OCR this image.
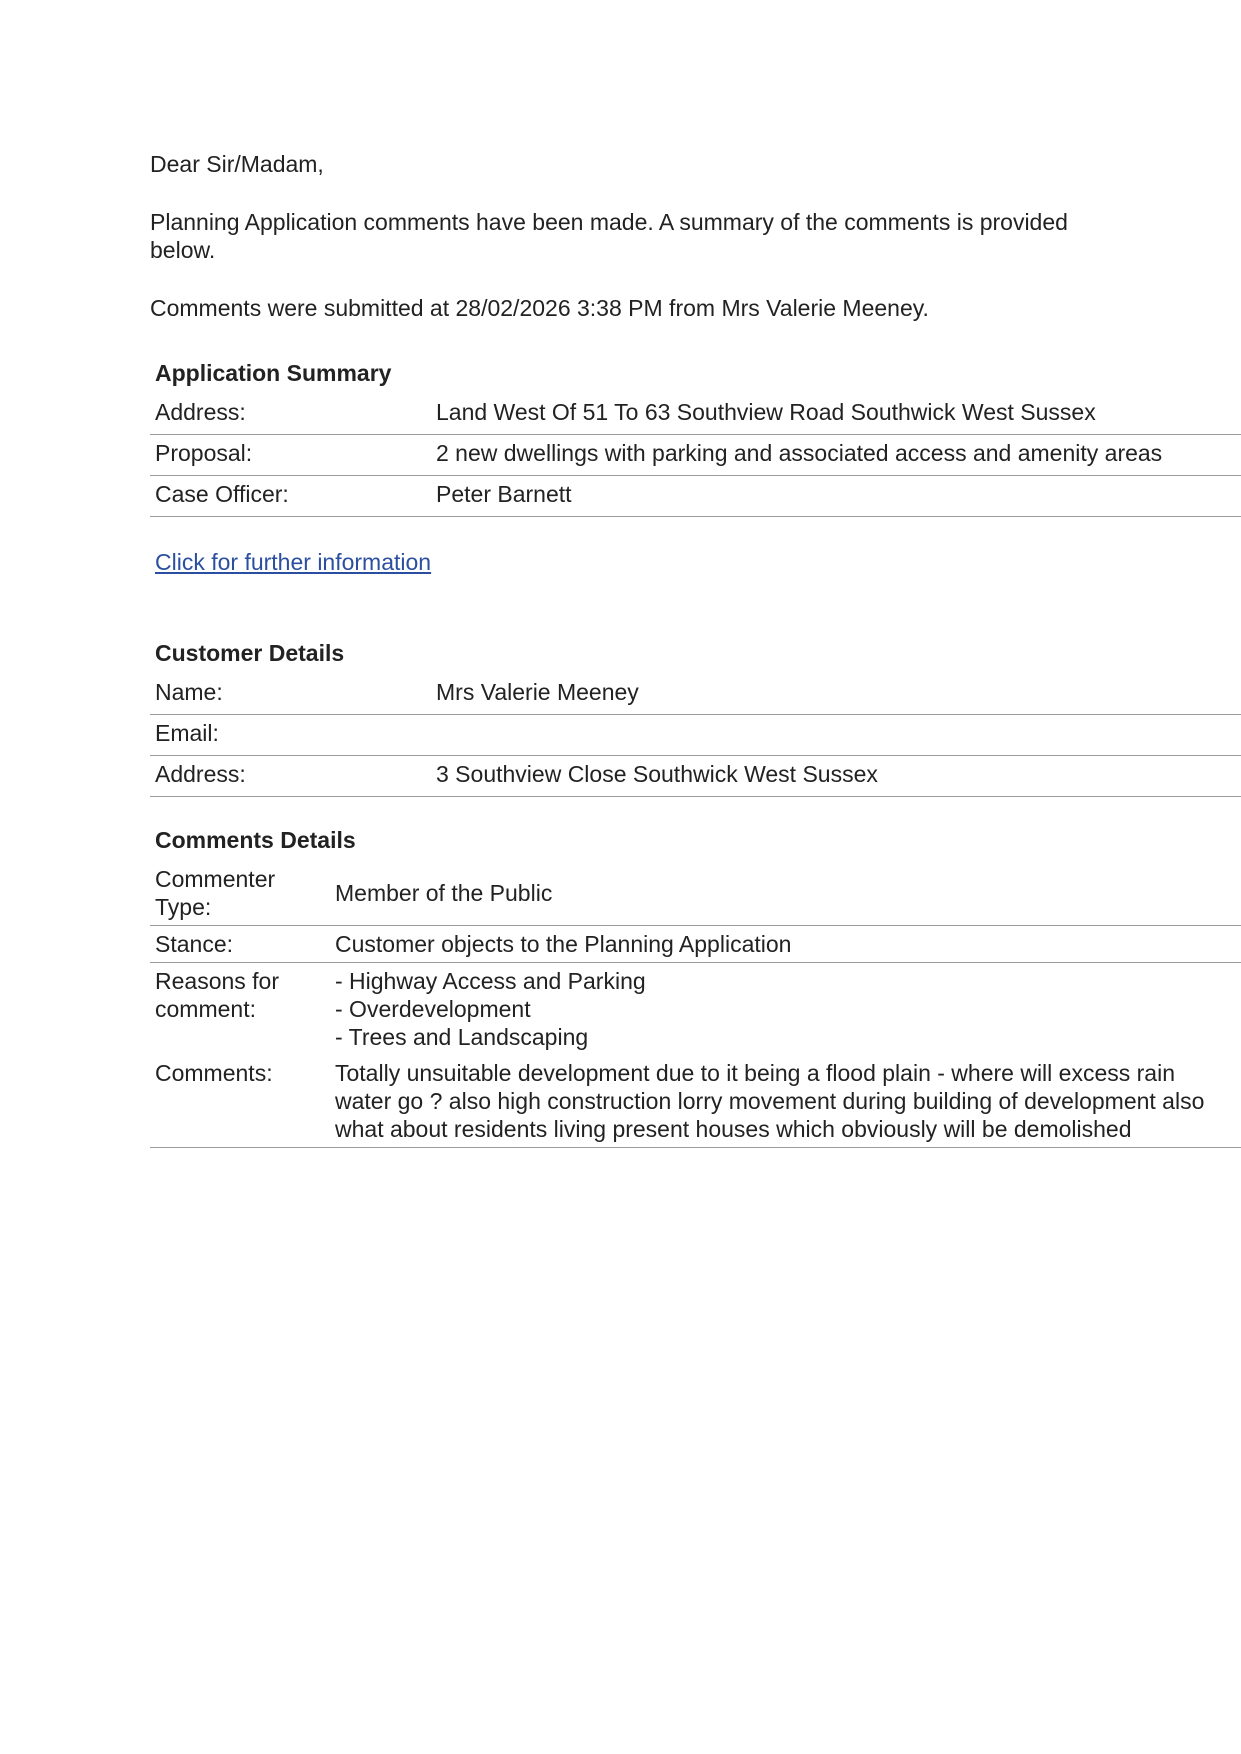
Dear Sir/Madam,

Planning Application comments have been made. A summary of the comments is provided below.

Comments were submitted at 28/02/2026 3:38 PM from Mrs Valerie Meeney.

Application Summary
Address:	Land West Of 51 To 63 Southview Road Southwick West Sussex
Proposal:	2 new dwellings with parking and associated access and amenity areas
Case Officer:	Peter Barnett
Click for further information
Customer Details
Name:	Mrs Valerie Meeney
Email:	
Address:	3 Southview Close Southwick West Sussex
Comments Details
Commenter Type:	Member of the Public
Stance:	Customer objects to the Planning Application
Reasons for comment:	- Highway Access and Parking
- Overdevelopment
- Trees and Landscaping

Comments:	Totally unsuitable development due to it being a flood plain - where will excess rain water go ? also high construction lorry movement during building of development also what about residents living present houses which obviously will be demolished
